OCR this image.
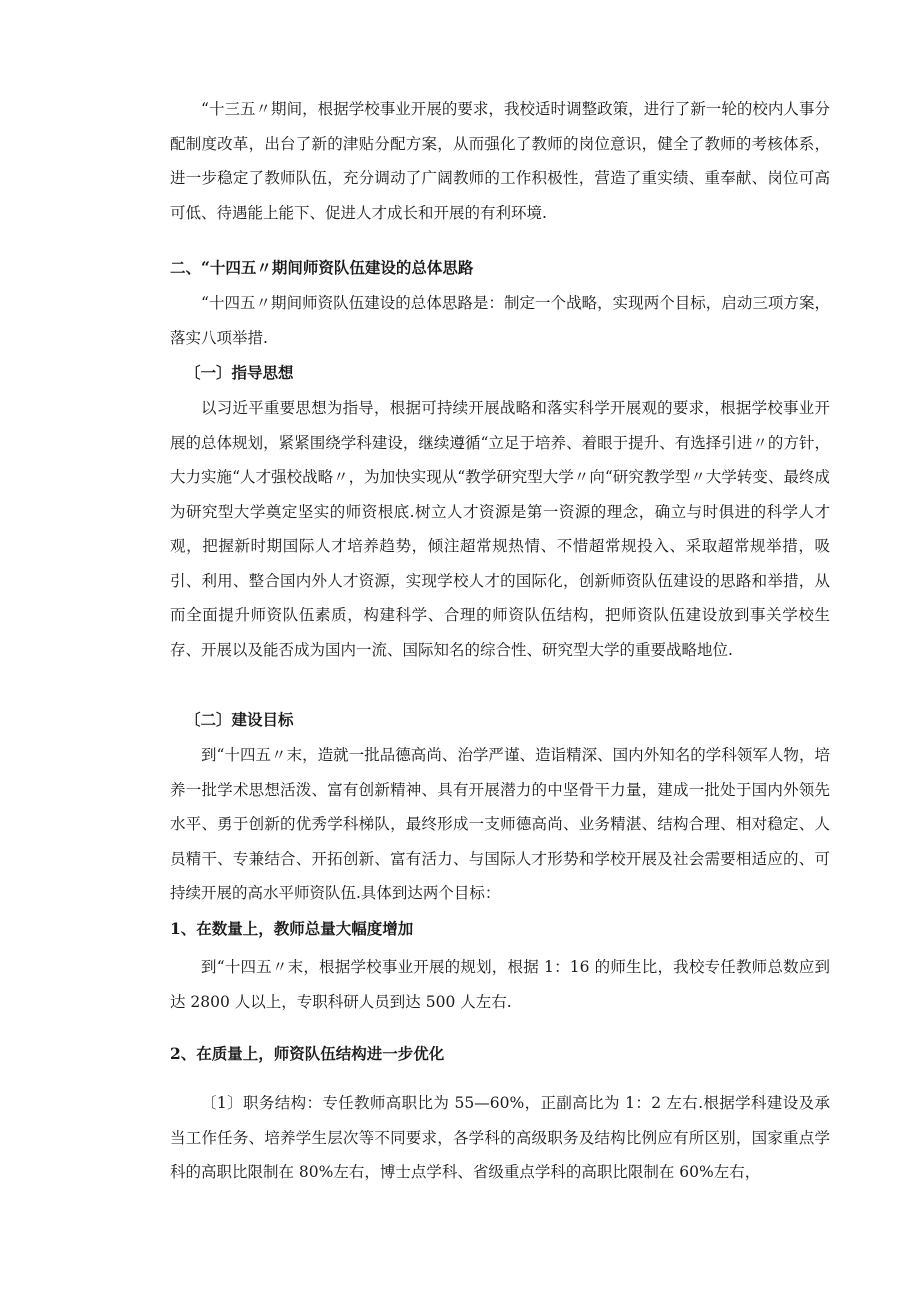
“十三五〃期间，根据学校事业开展的要求，我校适时调整政策，进行了新一轮的校内人事分配制度改革，出台了新的津贴分配方案，从而强化了教师的岗位意识，健全了教师的考核体系，进一步稳定了教师队伍，充分调动了广阔教师的工作积极性，营造了重实绩、重奉献、岗位可高可低、待遇能上能下、促进人才成长和开展的有利环境.

二、“十四五〃期间师资队伍建设的总体思路

“十四五〃期间师资队伍建设的总体思路是：制定一个战略，实现两个目标，启动三项方案，落实八项举措.

〔一〕指导思想

以习近平重要思想为指导，根据可持续开展战略和落实科学开展观的要求，根据学校事业开展的总体规划，紧紧围绕学科建设，继续遵循“立足于培养、着眼于提升、有选择引进〃的方针，大力实施“人才强校战略〃，为加快实现从“教学研究型大学〃向“研究教学型〃大学转变、最终成为研究型大学奠定坚实的师资根底.树立人才资源是第一资源的理念，确立与时俱进的科学人才观，把握新时期国际人才培养趋势，倾注超常规热情、不惜超常规投入、采取超常规举措，吸引、利用、整合国内外人才资源，实现学校人才的国际化，创新师资队伍建设的思路和举措，从而全面提升师资队伍素质，构建科学、合理的师资队伍结构，把师资队伍建设放到事关学校生存、开展以及能否成为国内一流、国际知名的综合性、研究型大学的重要战略地位.

〔二〕建设目标

到“十四五〃末，造就一批品德高尚、治学严谨、造诣精深、国内外知名的学科领军人物，培养一批学术思想活泼、富有创新精神、具有开展潜力的中坚骨干力量，建成一批处于国内外领先水平、勇于创新的优秀学科梯队，最终形成一支师德高尚、业务精湛、结构合理、相对稳定、人员精干、专兼结合、开拓创新、富有活力、与国际人才形势和学校开展及社会需要相适应的、可持续开展的高水平师资队伍.具体到达两个目标：

1、在数量上，教师总量大幅度增加

到“十四五〃末，根据学校事业开展的规划，根据 1：16 的师生比，我校专任教师总数应到达 2800 人以上，专职科研人员到达 500 人左右.

2、在质量上，师资队伍结构进一步优化

〔1〕职务结构：专任教师高职比为 55—60%，正副高比为 1：2 左右.根据学科建设及承当工作任务、培养学生层次等不同要求，各学科的高级职务及结构比例应有所区别，国家重点学科的高职比限制在 80%左右，博士点学科、省级重点学科的高职比限制在 60%左右，
